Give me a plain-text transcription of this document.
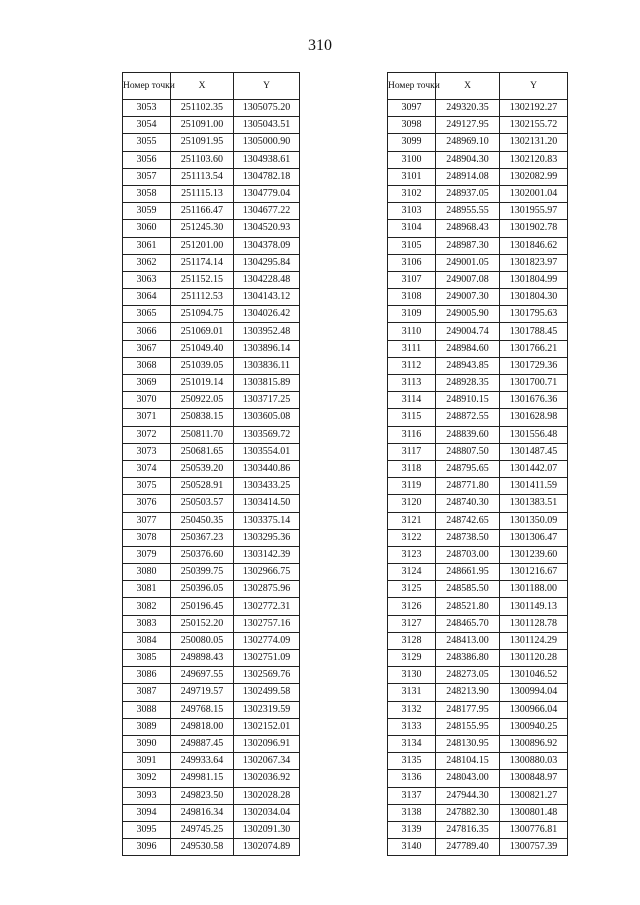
310
Номер точки	X	Y
3053	251102.35	1305075.20
3054	251091.00	1305043.51
3055	251091.95	1305000.90
3056	251103.60	1304938.61
3057	251113.54	1304782.18
3058	251115.13	1304779.04
3059	251166.47	1304677.22
3060	251245.30	1304520.93
3061	251201.00	1304378.09
3062	251174.14	1304295.84
3063	251152.15	1304228.48
3064	251112.53	1304143.12
3065	251094.75	1304026.42
3066	251069.01	1303952.48
3067	251049.40	1303896.14
3068	251039.05	1303836.11
3069	251019.14	1303815.89
3070	250922.05	1303717.25
3071	250838.15	1303605.08
3072	250811.70	1303569.72
3073	250681.65	1303554.01
3074	250539.20	1303440.86
3075	250528.91	1303433.25
3076	250503.57	1303414.50
3077	250450.35	1303375.14
3078	250367.23	1303295.36
3079	250376.60	1303142.39
3080	250399.75	1302966.75
3081	250396.05	1302875.96
3082	250196.45	1302772.31
3083	250152.20	1302757.16
3084	250080.05	1302774.09
3085	249898.43	1302751.09
3086	249697.55	1302569.76
3087	249719.57	1302499.58
3088	249768.15	1302319.59
3089	249818.00	1302152.01
3090	249887.45	1302096.91
3091	249933.64	1302067.34
3092	249981.15	1302036.92
3093	249823.50	1302028.28
3094	249816.34	1302034.04
3095	249745.25	1302091.30
3096	249530.58	1302074.89
Номер точки	X	Y
3097	249320.35	1302192.27
3098	249127.95	1302155.72
3099	248969.10	1302131.20
3100	248904.30	1302120.83
3101	248914.08	1302082.99
3102	248937.05	1302001.04
3103	248955.55	1301955.97
3104	248968.43	1301902.78
3105	248987.30	1301846.62
3106	249001.05	1301823.97
3107	249007.08	1301804.99
3108	249007.30	1301804.30
3109	249005.90	1301795.63
3110	249004.74	1301788.45
3111	248984.60	1301766.21
3112	248943.85	1301729.36
3113	248928.35	1301700.71
3114	248910.15	1301676.36
3115	248872.55	1301628.98
3116	248839.60	1301556.48
3117	248807.50	1301487.45
3118	248795.65	1301442.07
3119	248771.80	1301411.59
3120	248740.30	1301383.51
3121	248742.65	1301350.09
3122	248738.50	1301306.47
3123	248703.00	1301239.60
3124	248661.95	1301216.67
3125	248585.50	1301188.00
3126	248521.80	1301149.13
3127	248465.70	1301128.78
3128	248413.00	1301124.29
3129	248386.80	1301120.28
3130	248273.05	1301046.52
3131	248213.90	1300994.04
3132	248177.95	1300966.04
3133	248155.95	1300940.25
3134	248130.95	1300896.92
3135	248104.15	1300880.03
3136	248043.00	1300848.97
3137	247944.30	1300821.27
3138	247882.30	1300801.48
3139	247816.35	1300776.81
3140	247789.40	1300757.39
